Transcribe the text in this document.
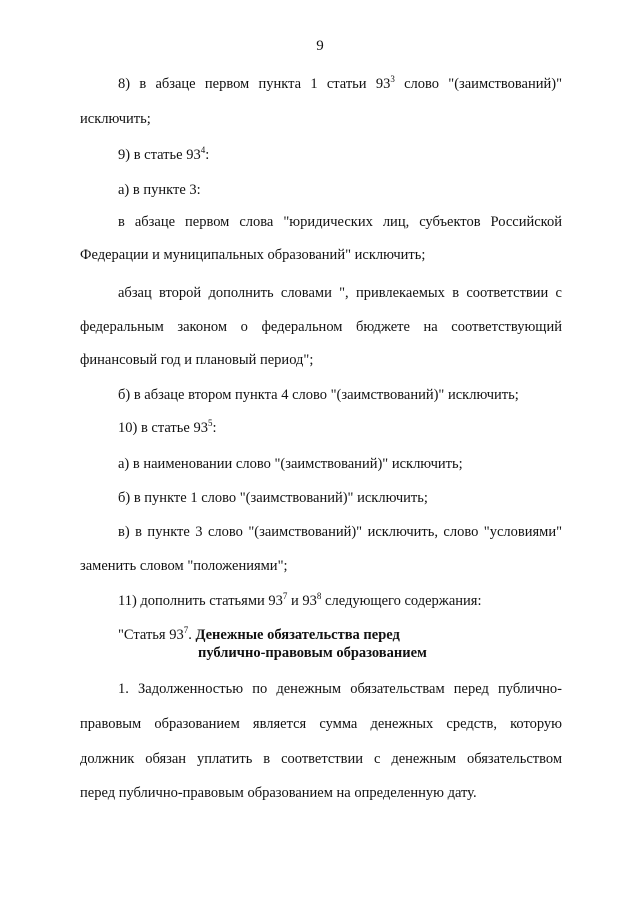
9
8) в абзаце первом пункта 1 статьи $93^3$ слово "(заимствований)"
исключить;
9) в статье $93^4$:
а) в пункте 3:
в абзаце первом слова "юридических лиц, субъектов Российской
Федерации и муниципальных образований" исключить;
абзац второй дополнить словами ", привлекаемых в соответствии с
федеральным законом о федеральном бюджете на соответствующий
финансовый год и плановый период";
б) в абзаце втором пункта 4 слово "(заимствований)" исключить;
10) в статье $93^5$:
а) в наименовании слово "(заимствований)" исключить;
б) в пункте 1 слово "(заимствований)" исключить;
в) в пункте 3 слово "(заимствований)" исключить, слово "условиями"
заменить словом "положениями";
11) дополнить статьями $93^7$ и $93^8$ следующего содержания:
"Статья $93^7$. Денежные обязательства перед
публично-правовым образованием
1. Задолженностью по денежным обязательствам перед публично-
правовым образованием является сумма денежных средств, которую
должник обязан уплатить в соответствии с денежным обязательством
перед публично-правовым образованием на определенную дату.
